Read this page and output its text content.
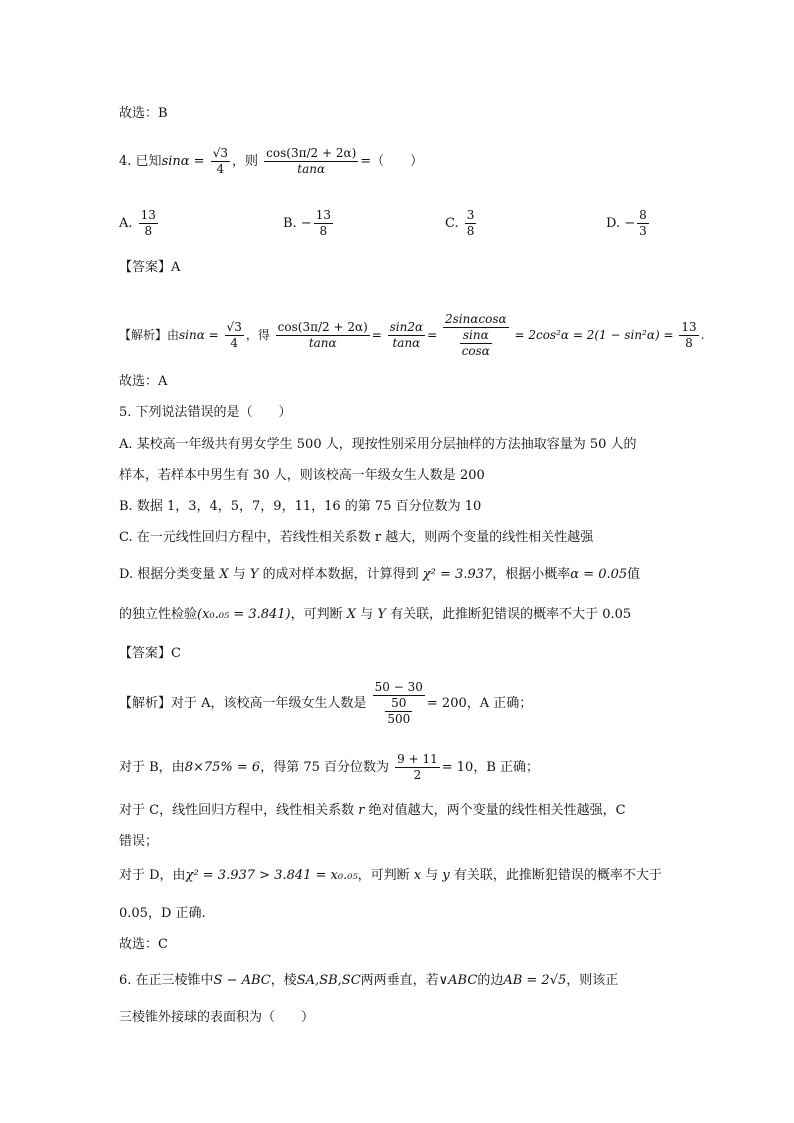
故选：B
4. 已知$\sin\alpha = \frac{√3}{4}$ ，则 $\frac{\cos(3\pi/2 + 2\alpha)}{\tan\alpha}$ =（　　）
A. $\frac{13}{8}$	B. − $\frac{13}{8}$	C. $\frac{3}{8}$	D. − $\frac{8}{3}$
【答案】A
【解析】由$\sin\alpha = \frac{√3}{4}$ ，得 $\frac{\cos(3\pi/2 + 2\alpha)}{\tan\alpha} = \frac{\sin 2\alpha}{\tan\alpha} = \frac{2\sin\alpha\cos\alpha}{\frac{\sin\alpha}{\cos\alpha}} = 2\cos^2\alpha = 2(1 - \sin^2\alpha) = \frac{13}{8}$ .
故选：A
5. 下列说法错误的是（　　）
A. 某校高一年级共有男女学生 500 人，现按性别采用分层抽样的方法抽取容量为 50 人的
样本，若样本中男生有 30 人，则该校高一年级女生人数是 200
B. 数据 1，3，4，5，7，9，11，16 的第 75 百分位数为 10
C. 在一元线性回归方程中，若线性相关系数 r 越大，则两个变量的线性相关性越强
D. 根据分类变量 X 与 Y 的成对样本数据，计算得到 χ² = 3.937，根据小概率α = 0.05值
的独立性检验(x₀.₀₅ = 3.841)，可判断 X 与 Y 有关联，此推断犯错误的概率不大于 0.05
【答案】C
【解析】对于 A，该校高一年级女生人数是 $\frac{50 - 30}{\frac{50}{500}} = 200$，A 正确；
对于 B，由8×75% = 6，得第 75 百分位数为 $\frac{9 + 11}{2} = 10$，B 正确；
对于 C，线性回归方程中，线性相关系数 r 绝对值越大，两个变量的线性相关性越强，C
错误；
对于 D，由χ² = 3.937 > 3.841 = x₀.₀₅，可判断 x 与 y 有关联，此推断犯错误的概率不大于
0.05，D 正确.
故选：C
6. 在正三棱锥中S − ABC，棱SA,SB,SC两两垂直，若∨ABC的边AB = 2√5，则该正
三棱锥外接球的表面积为（　　）
